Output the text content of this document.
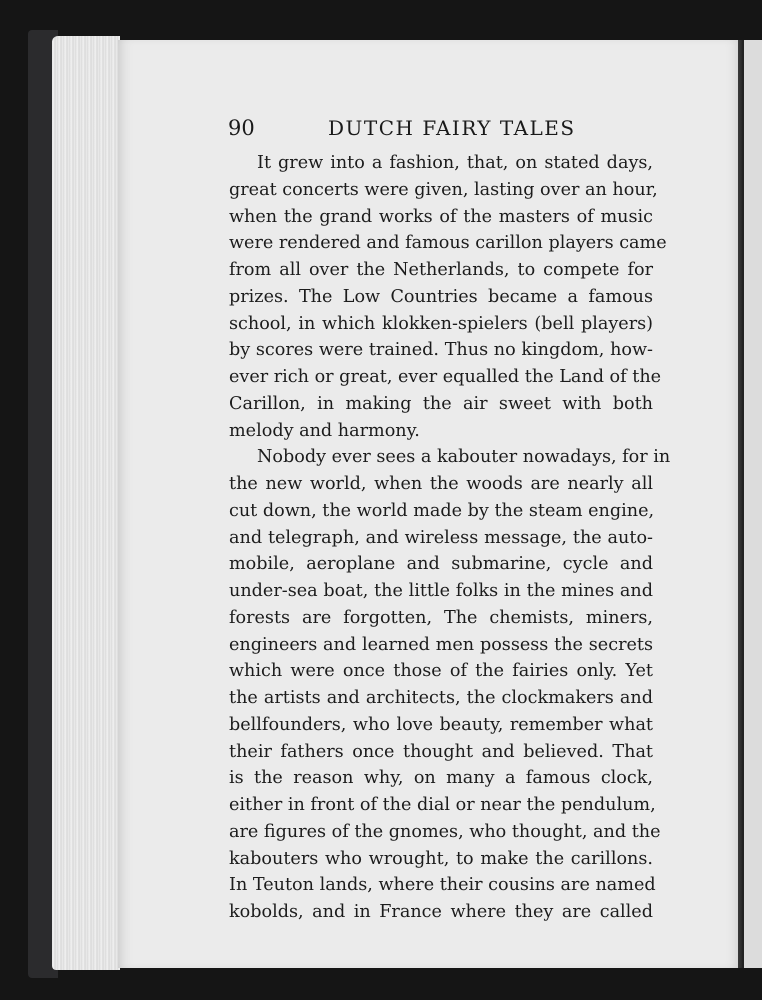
90	DUTCH FAIRY TALES
It grew into a fashion, that, on stated days,
great concerts were given, lasting over an hour,
when the grand works of the masters of music
were rendered and famous carillon players came
from all over the Netherlands, to compete for
prizes. The Low Countries became a famous
school, in which klokken-spielers (bell players)
by scores were trained. Thus no kingdom, how-
ever rich or great, ever equalled the Land of the
Carillon, in making the air sweet with both
melody and harmony.
Nobody ever sees a kabouter nowadays, for in
the new world, when the woods are nearly all
cut down, the world made by the steam engine,
and telegraph, and wireless message, the auto-
mobile, aeroplane and submarine, cycle and
under-sea boat, the little folks in the mines and
forests are forgotten, The chemists, miners,
engineers and learned men possess the secrets
which were once those of the fairies only. Yet
the artists and architects, the clockmakers and
bellfounders, who love beauty, remember what
their fathers once thought and believed. That
is the reason why, on many a famous clock,
either in front of the dial or near the pendulum,
are figures of the gnomes, who thought, and the
kabouters who wrought, to make the carillons.
In Teuton lands, where their cousins are named
kobolds, and in France where they are called
